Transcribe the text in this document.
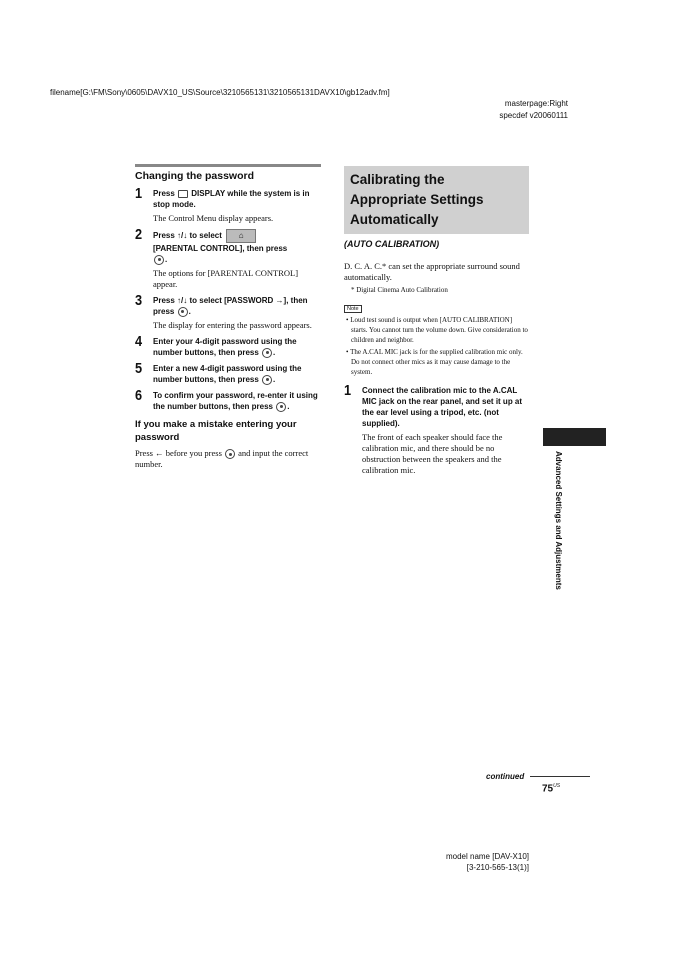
filename[G:\FM\Sony\0605\DAVX10_US\Source\3210565131\3210565131DAVX10\gb12adv.fm]
masterpage:Right
specdef v20060111
Changing the password
1 Press DISPLAY while the system is in stop mode.
The Control Menu display appears.
2 Press ↑/↓ to select ⌂
[PARENTAL CONTROL], then press
.
The options for [PARENTAL CONTROL] appear.
3 Press ↑/↓ to select [PASSWORD →], then press .
The display for entering the password appears.
4 Enter your 4-digit password using the number buttons, then press .
5 Enter a new 4-digit password using the number buttons, then press .
6 To confirm your password, re-enter it using the number buttons, then press .
If you make a mistake entering your password
Press ← before you press and input the correct number.
Calibrating the Appropriate Settings Automatically
(AUTO CALIBRATION)
D. C. A. C.* can set the appropriate surround sound automatically.
* Digital Cinema Auto Calibration
Note
• Loud test sound is output when [AUTO CALIBRATION] starts. You cannot turn the volume down. Give consideration to children and neighbor.
• The A.CAL MIC jack is for the supplied calibration mic only. Do not connect other mics as it may cause damage to the system.
1 Connect the calibration mic to the A.CAL MIC jack on the rear panel, and set it up at the ear level using a tripod, etc. (not supplied).
The front of each speaker should face the calibration mic, and there should be no obstruction between the speakers and the calibration mic.	Advanced Settings and Adjustments
continued
$75^{US}$
model name [DAV-X10]
[3-210-565-13(1)]
